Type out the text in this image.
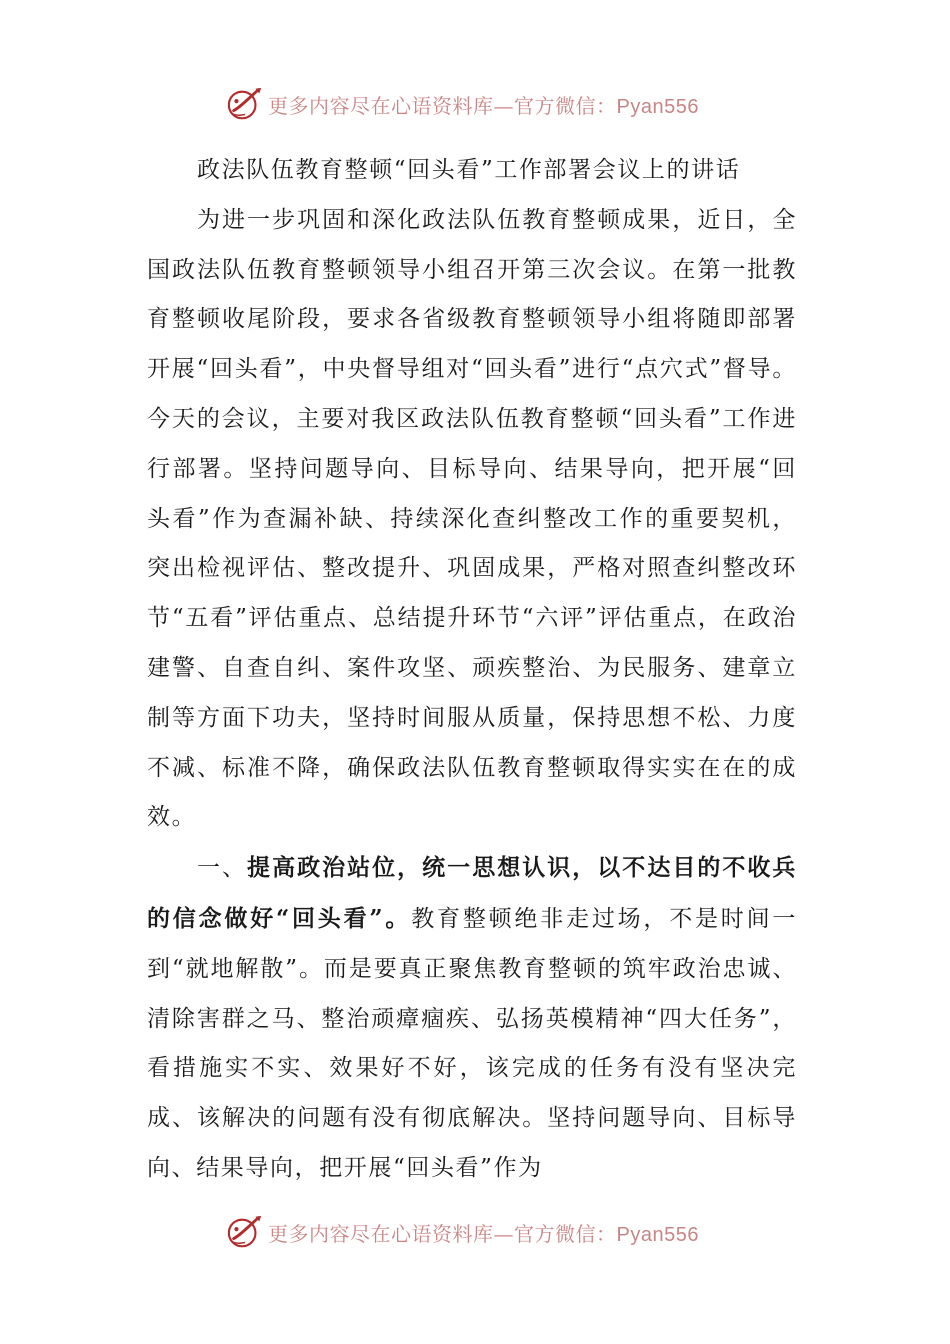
更多内容尽在心语资料库—官方微信：Pyan556

政法队伍教育整顿“回头看”工作部署会议上的讲话

为进一步巩固和深化政法队伍教育整顿成果，近日，全国政法队伍教育整顿领导小组召开第三次会议。在第一批教育整顿收尾阶段，要求各省级教育整顿领导小组将随即部署开展“回头看”，中央督导组对“回头看”进行“点穴式”督导。今天的会议，主要对我区政法队伍教育整顿“回头看”工作进行部署。坚持问题导向、目标导向、结果导向，把开展“回头看”作为查漏补缺、持续深化查纠整改工作的重要契机，突出检视评估、整改提升、巩固成果，严格对照查纠整改环节“五看”评估重点、总结提升环节“六评”评估重点，在政治建警、自查自纠、案件攻坚、顽疾整治、为民服务、建章立制等方面下功夫，坚持时间服从质量，保持思想不松、力度不减、标准不降，确保政法队伍教育整顿取得实实在在的成效。

一、提高政治站位，统一思想认识，以不达目的不收兵的信念做好“回头看”。教育整顿绝非走过场，不是时间一到“就地解散”。而是要真正聚焦教育整顿的筑牢政治忠诚、清除害群之马、整治顽瘴痼疾、弘扬英模精神“四大任务”，看措施实不实、效果好不好，该完成的任务有没有坚决完成、该解决的问题有没有彻底解决。坚持问题导向、目标导向、结果导向，把开展“回头看”作为

更多内容尽在心语资料库—官方微信：Pyan556
